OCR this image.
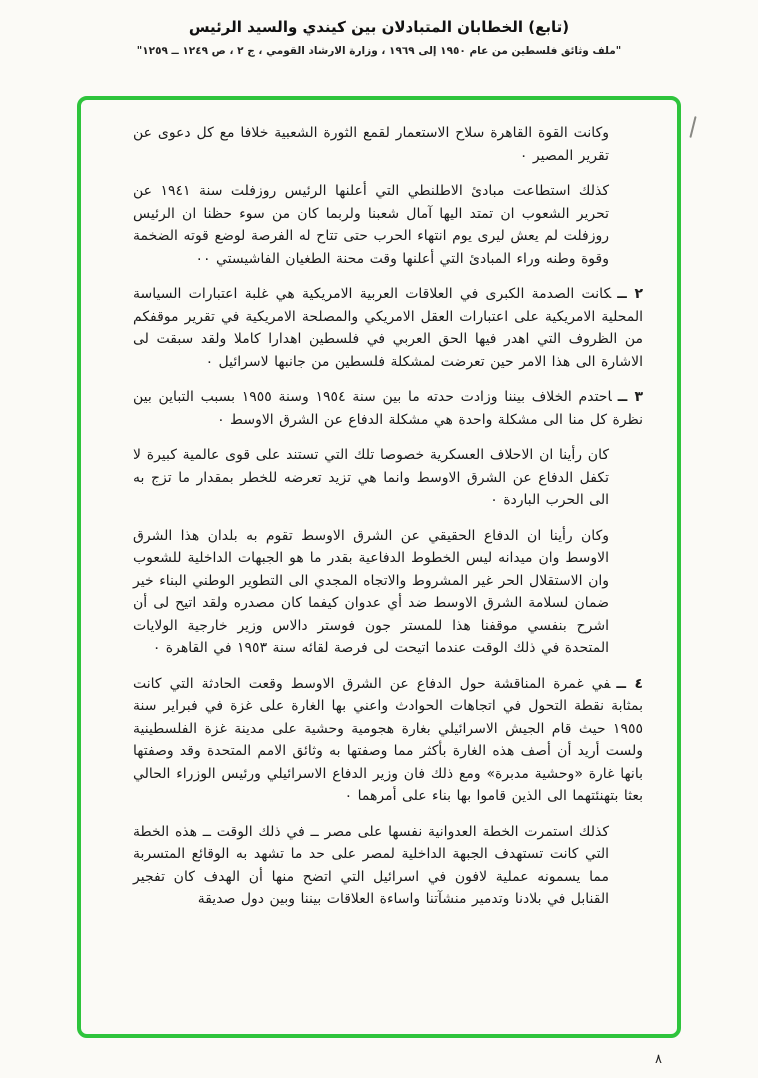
(تابع) الخطابان المتبادلان بين كيندي والسيد الرئيس
"ملف وثائق فلسطين من عام ١٩٥٠ إلى ١٩٦٩ ، وزارة الارشاد القومي ، ج ٢ ، ص ١٢٤٩ ــ ١٢٥٩"

وكانت القوة القاهرة سلاح الاستعمار لقمع الثورة الشعبية خلافا مع كل دعوى عن تقرير المصير ٠

كذلك استطاعت مبادئ الاطلنطي التي أعلنها الرئيس روزفلت سنة ١٩٤١ عن تحرير الشعوب ان تمتد اليها آمال شعبنا ولربما كان من سوء حظنا ان الرئيس روزفلت لم يعش ليرى يوم انتهاء الحرب حتى تتاح له الفرصة لوضع قوته الضخمة وقوة وطنه وراء المبادئ التي أعلنها وقت محنة الطغيان الفاشيستي ٠٠

٢ ــكانت الصدمة الكبرى في العلاقات العربية الامريكية هي غلبة اعتبارات السياسة المحلية الامريكية على اعتبارات العقل الامريكي والمصلحة الامريكية في تقرير موقفكم من الظروف التي اهدر فيها الحق العربي في فلسطين اهدارا كاملا ولقد سبقت لى الاشارة الى هذا الامر حين تعرضت لمشكلة فلسطين من جانبها لاسرائيل ٠

٣ ــاحتدم الخلاف بيننا وزادت حدته ما بين سنة ١٩٥٤ وسنة ١٩٥٥ بسبب التباين بين نظرة كل منا الى مشكلة واحدة هي مشكلة الدفاع عن الشرق الاوسط ٠

كان رأينا ان الاحلاف العسكرية خصوصا تلك التي تستند على قوى عالمية كبيرة لا تكفل الدفاع عن الشرق الاوسط وانما هي تزيد تعرضه للخطر بمقدار ما تزج به الى الحرب الباردة ٠

وكان رأينا ان الدفاع الحقيقي عن الشرق الاوسط تقوم به بلدان هذا الشرق الاوسط وان ميدانه ليس الخطوط الدفاعية بقدر ما هو الجبهات الداخلية للشعوب وان الاستقلال الحر غير المشروط والاتجاه المجدي الى التطوير الوطني البناء خير ضمان لسلامة الشرق الاوسط ضد أي عدوان كيفما كان مصدره ولقد اتيح لى أن اشرح بنفسي موقفنا هذا للمستر جون فوستر دالاس وزير خارجية الولايات المتحدة في ذلك الوقت عندما اتيحت لى فرصة لقائه سنة ١٩٥٣ في القاهرة ٠

٤ ــفي غمرة المناقشة حول الدفاع عن الشرق الاوسط وقعت الحادثة التي كانت بمثابة نقطة التحول في اتجاهات الحوادث واعني بها الغارة على غزة في فبراير سنة ١٩٥٥ حيث قام الجيش الاسرائيلي بغارة هجومية وحشية على مدينة غزة الفلسطينية ولست أريد أن أصف هذه الغارة بأكثر مما وصفتها به وثائق الامم المتحدة وقد وصفتها بانها غارة «وحشية مدبرة» ومع ذلك فان وزير الدفاع الاسرائيلي ورئيس الوزراء الحالي بعثا بتهنئتهما الى الذين قاموا بها بناء على أمرهما ٠

كذلك استمرت الخطة العدوانية نفسها على مصر ــ في ذلك الوقت ــ هذه الخطة التي كانت تستهدف الجبهة الداخلية لمصر على حد ما تشهد به الوقائع المتسربة مما يسمونه عملية لافون في اسرائيل التي اتضح منها أن الهدف كان تفجير القنابل في بلادنا وتدمير منشآتنا واساءة العلاقات بيننا وبين دول صديقة

٨
